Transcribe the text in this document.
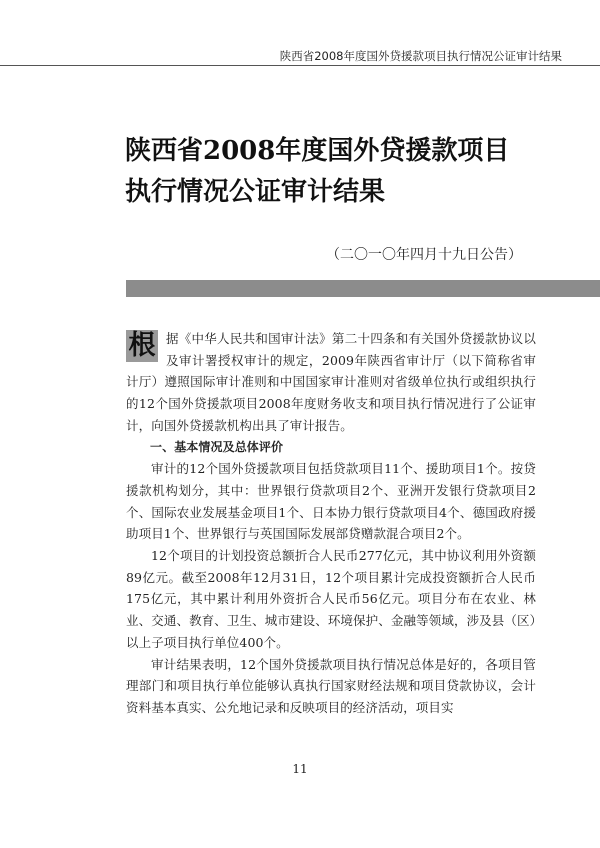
陕西省2008年度国外贷援款项目执行情况公证审计结果
陕西省2008年度国外贷援款项目
执行情况公证审计结果
（二〇一〇年四月十九日公告）

根 据《中华人民共和国审计法》第二十四条和有关国外贷援款协议以及审计署授权审计的规定，2009年陕西省审计厅（以下简称省审计厅）遵照国际审计准则和中国国家审计准则对省级单位执行或组织执行的12个国外贷援款项目2008年度财务收支和项目执行情况进行了公证审计，向国外贷援款机构出具了审计报告。

一、基本情况及总体评价

审计的12个国外贷援款项目包括贷款项目11个、援助项目1个。按贷援款机构划分，其中：世界银行贷款项目2个、亚洲开发银行贷款项目2个、国际农业发展基金项目1个、日本协力银行贷款项目4个、德国政府援助项目1个、世界银行与英国国际发展部贷赠款混合项目2个。

12个项目的计划投资总额折合人民币277亿元，其中协议利用外资额89亿元。截至2008年12月31日，12个项目累计完成投资额折合人民币175亿元，其中累计利用外资折合人民币56亿元。项目分布在农业、林业、交通、教育、卫生、城市建设、环境保护、金融等领域，涉及县（区）以上子项目执行单位400个。

审计结果表明，12个国外贷援款项目执行情况总体是好的，各项目管理部门和项目执行单位能够认真执行国家财经法规和项目贷款协议，会计资料基本真实、公允地记录和反映项目的经济活动，项目实

11
